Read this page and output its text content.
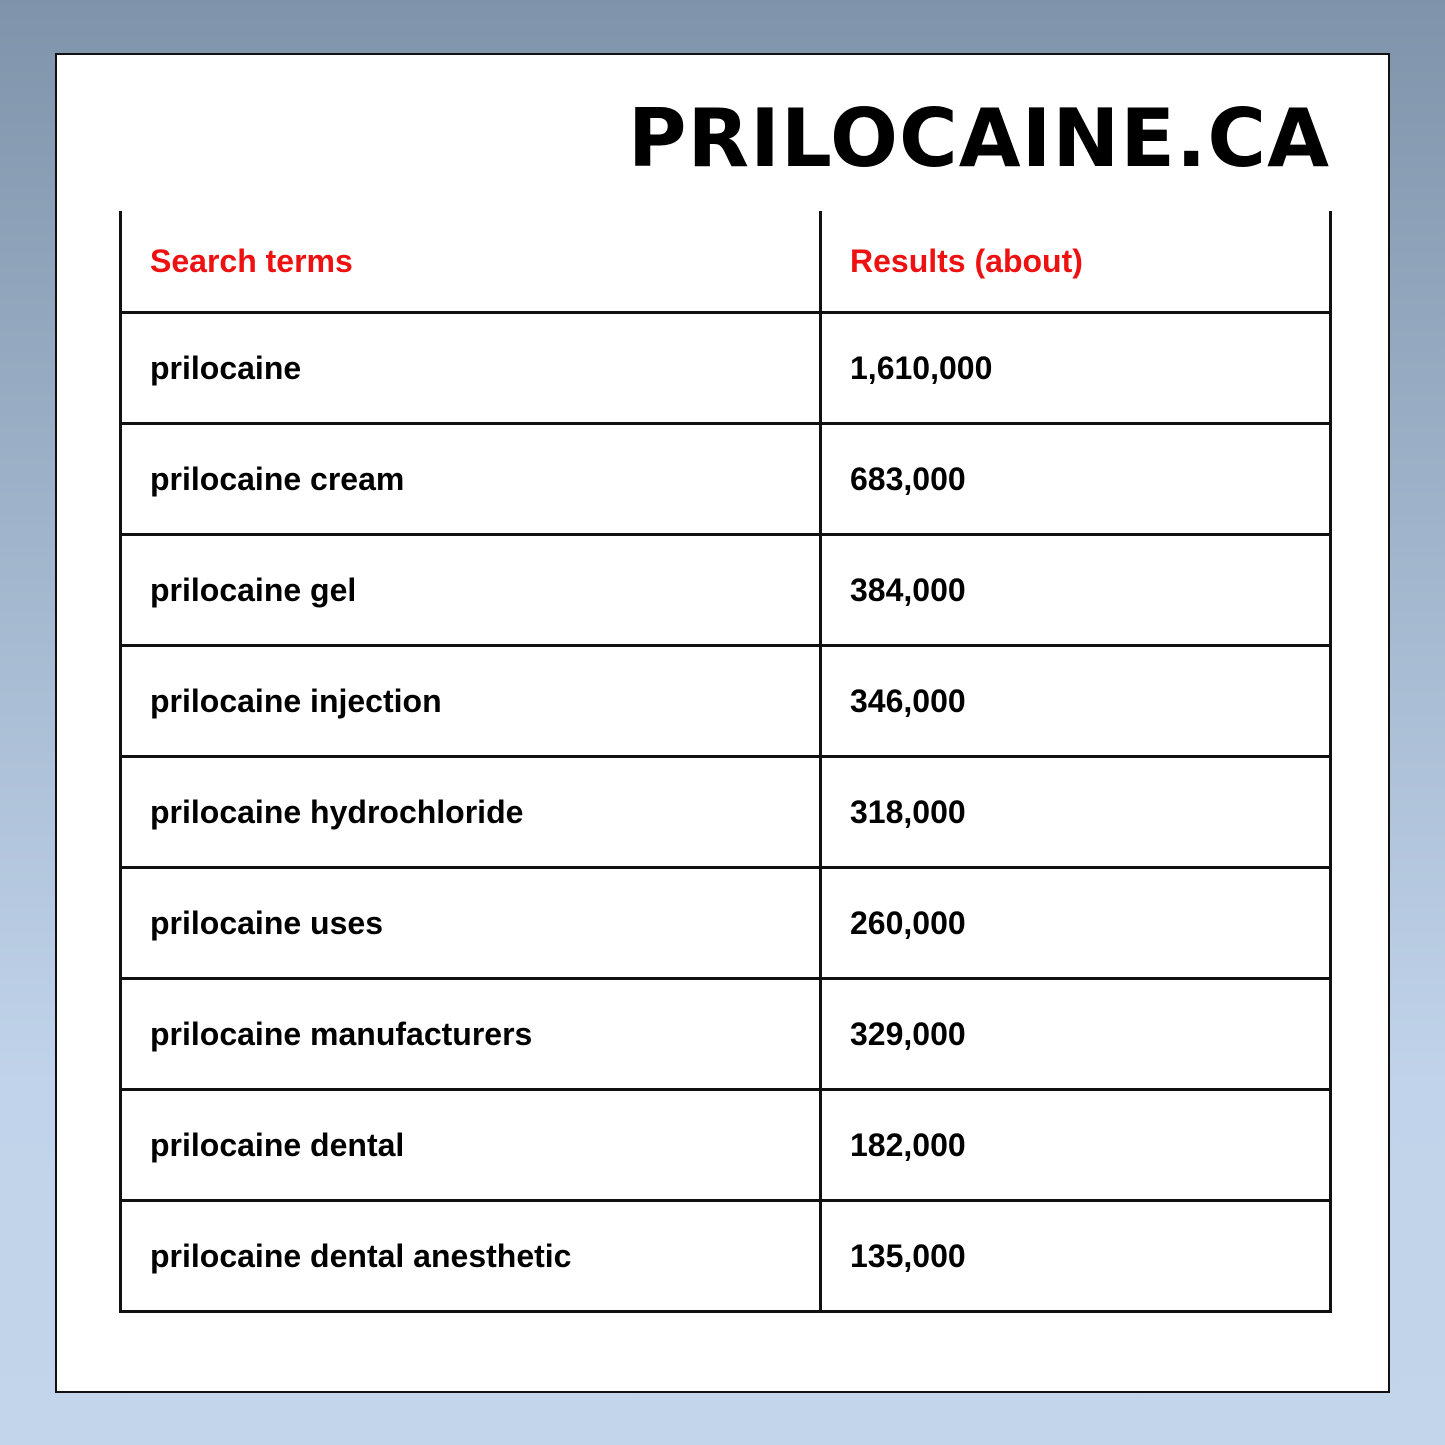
PRILOCAINE.CA
Search terms	Results (about)
prilocaine	1,610,000
prilocaine cream	683,000
prilocaine gel	384,000
prilocaine injection	346,000
prilocaine hydrochloride	318,000
prilocaine uses	260,000
prilocaine manufacturers	329,000
prilocaine dental	182,000
prilocaine dental anesthetic	135,000
